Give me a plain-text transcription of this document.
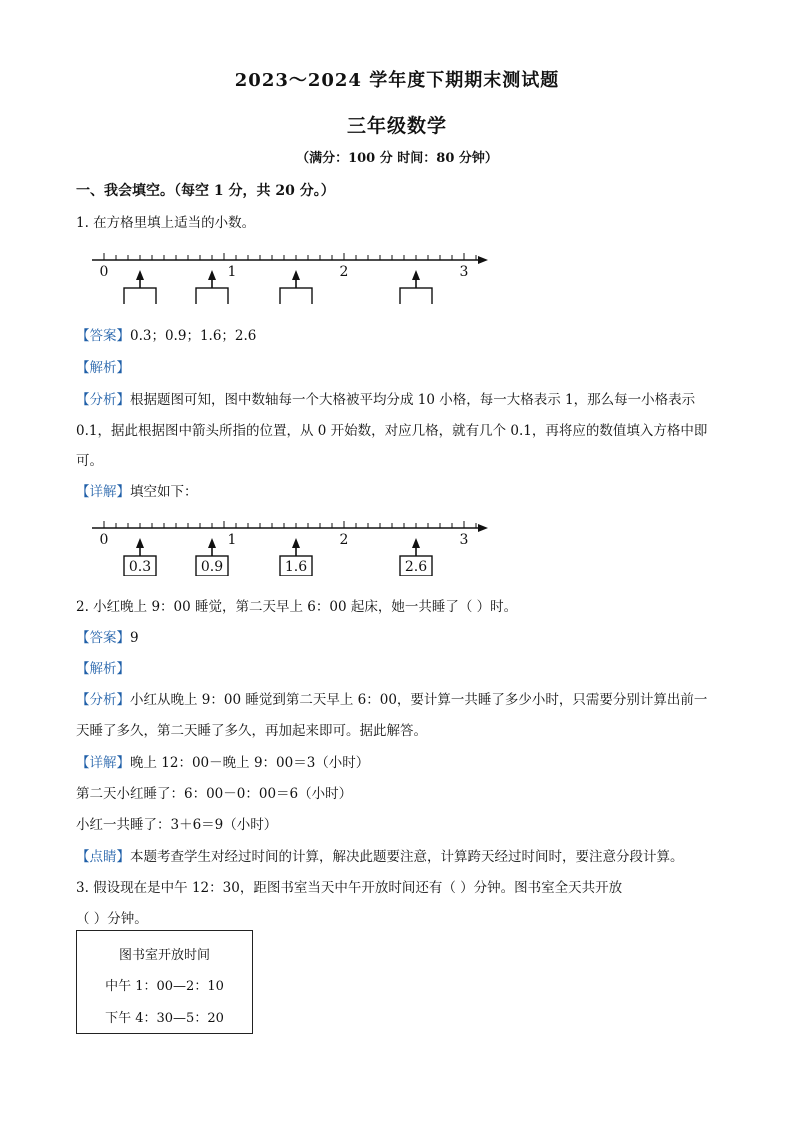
2023～2024 学年度下期期末测试题
三年级数学
（满分：100 分 时间：80 分钟）
一、我会填空。（每空 1 分，共 20 分。）
1. 在方格里填上适当的小数。
0	1	2	3
【答案】0.3；0.9；1.6；2.6
【解析】
【分析】根据题图可知，图中数轴每一个大格被平均分成 10 小格，每一大格表示 1，那么每一小格表示
0.1，据此根据图中箭头所指的位置，从 0 开始数，对应几格，就有几个 0.1，再将应的数值填入方格中即
可。
【详解】填空如下：
0	1	2	3
0.3	0.9	1.6	2.6
2. 小红晚上 9：00 睡觉，第二天早上 6：00 起床，她一共睡了（ ）时。
【答案】9
【解析】
【分析】小红从晚上 9：00 睡觉到第二天早上 6：00，要计算一共睡了多少小时，只需要分别计算出前一
天睡了多久，第二天睡了多久，再加起来即可。据此解答。
【详解】晚上 12：00－晚上 9：00＝3（小时）
第二天小红睡了：6：00－0：00＝6（小时）
小红一共睡了：3＋6＝9（小时）
【点睛】本题考查学生对经过时间的计算，解决此题要注意，计算跨天经过时间时，要注意分段计算。
3. 假设现在是中午 12：30，距图书室当天中午开放时间还有（ ）分钟。图书室全天共开放
（ ）分钟。
图书室开放时间
中午 1：00—2：10
下午 4：30—5：20
